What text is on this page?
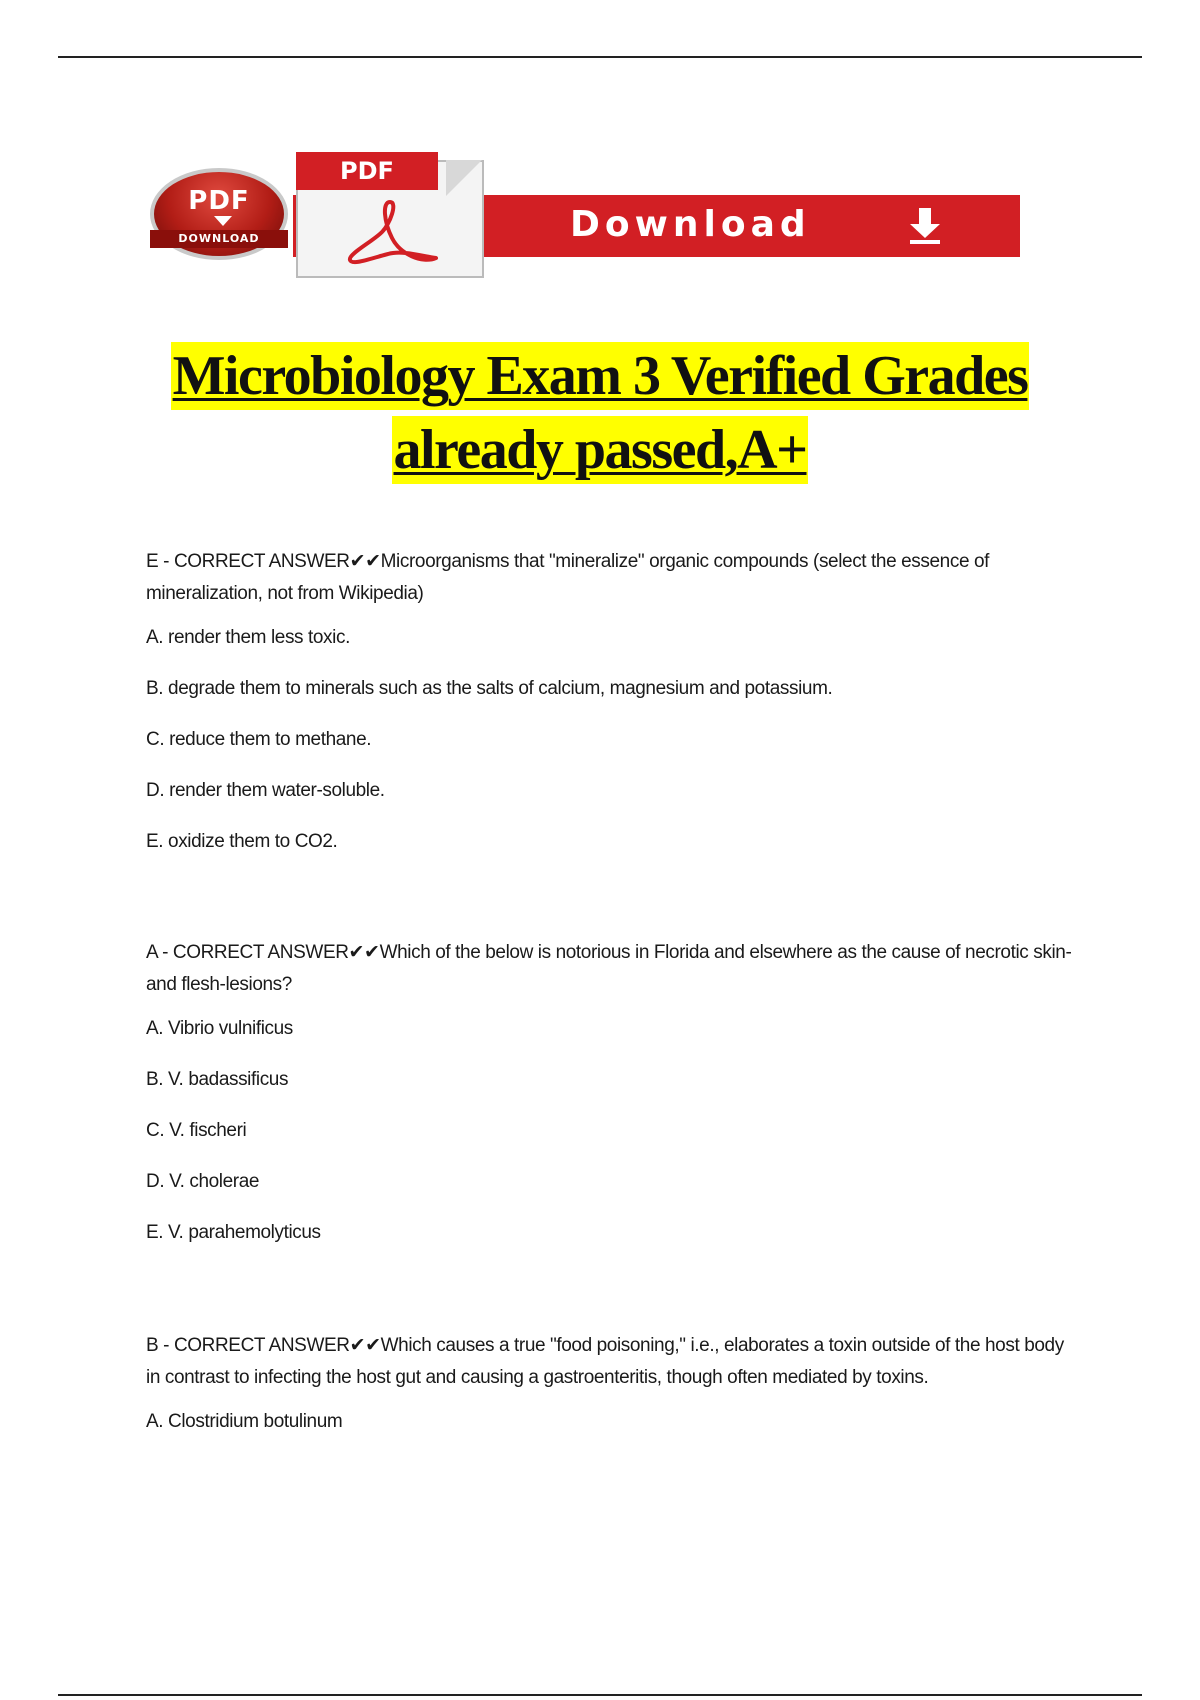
PDF
DOWNLOAD	Download
PDF
Microbiology Exam 3 Verified Grades
already passed,A+

E - CORRECT ANSWER✔✔Microorganisms that "mineralize" organic compounds (select the essence of mineralization, not from Wikipedia)

A. render them less toxic.

B. degrade them to minerals such as the salts of calcium, magnesium and potassium.

C. reduce them to methane.

D. render them water-soluble.

E. oxidize them to CO2.

A - CORRECT ANSWER✔✔Which of the below is notorious in Florida and elsewhere as the cause of necrotic skin-and flesh-lesions?

A. Vibrio vulnificus

B. V. badassificus

C. V. fischeri

D. V. cholerae

E. V. parahemolyticus

B - CORRECT ANSWER✔✔Which causes a true "food poisoning," i.e., elaborates a toxin outside of the host body in contrast to infecting the host gut and causing a gastroenteritis, though often mediated by toxins.

A. Clostridium botulinum
